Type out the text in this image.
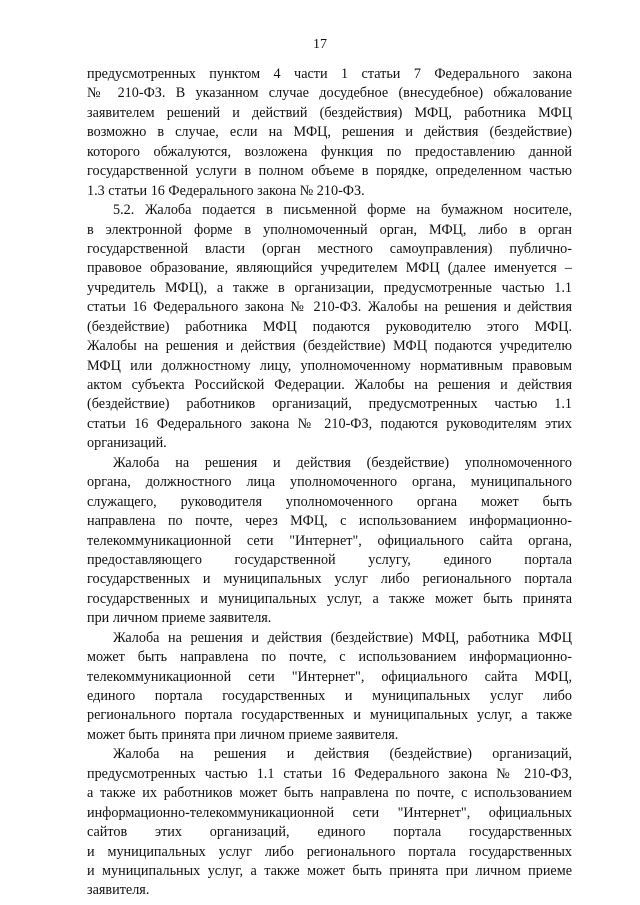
17
предусмотренных пунктом 4 части 1 статьи 7 Федерального закона
№ 210-ФЗ. В указанном случае досудебное (внесудебное) обжалование
заявителем решений и действий (бездействия) МФЦ, работника МФЦ
возможно в случае, если на МФЦ, решения и действия (бездействие)
которого обжалуются, возложена функция по предоставлению данной
государственной услуги в полном объеме в порядке, определенном частью
1.3 статьи 16 Федерального закона № 210-ФЗ.
5.2. Жалоба подается в письменной форме на бумажном носителе,
в электронной форме в уполномоченный орган, МФЦ, либо в орган
государственной власти (орган местного самоуправления) публично-
правовое образование, являющийся учредителем МФЦ (далее именуется –
учредитель МФЦ), а также в организации, предусмотренные частью 1.1
статьи 16 Федерального закона № 210-ФЗ. Жалобы на решения и действия
(бездействие) работника МФЦ подаются руководителю этого МФЦ.
Жалобы на решения и действия (бездействие) МФЦ подаются учредителю
МФЦ или должностному лицу, уполномоченному нормативным правовым
актом субъекта Российской Федерации. Жалобы на решения и действия
(бездействие) работников организаций, предусмотренных частью 1.1
статьи 16 Федерального закона № 210-ФЗ, подаются руководителям этих
организаций.
Жалоба на решения и действия (бездействие) уполномоченного
органа, должностного лица уполномоченного органа, муниципального
служащего, руководителя уполномоченного органа может быть
направлена по почте, через МФЦ, с использованием информационно-
телекоммуникационной сети "Интернет", официального сайта органа,
предоставляющего государственной услугу, единого портала
государственных и муниципальных услуг либо регионального портала
государственных и муниципальных услуг, а также может быть принята
при личном приеме заявителя.
Жалоба на решения и действия (бездействие) МФЦ, работника МФЦ
может быть направлена по почте, с использованием информационно-
телекоммуникационной сети "Интернет", официального сайта МФЦ,
единого портала государственных и муниципальных услуг либо
регионального портала государственных и муниципальных услуг, а также
может быть принята при личном приеме заявителя.
Жалоба на решения и действия (бездействие) организаций,
предусмотренных частью 1.1 статьи 16 Федерального закона № 210-ФЗ,
а также их работников может быть направлена по почте, с использованием
информационно-телекоммуникационной сети "Интернет", официальных
сайтов этих организаций, единого портала государственных
и муниципальных услуг либо регионального портала государственных
и муниципальных услуг, а также может быть принята при личном приеме
заявителя.
